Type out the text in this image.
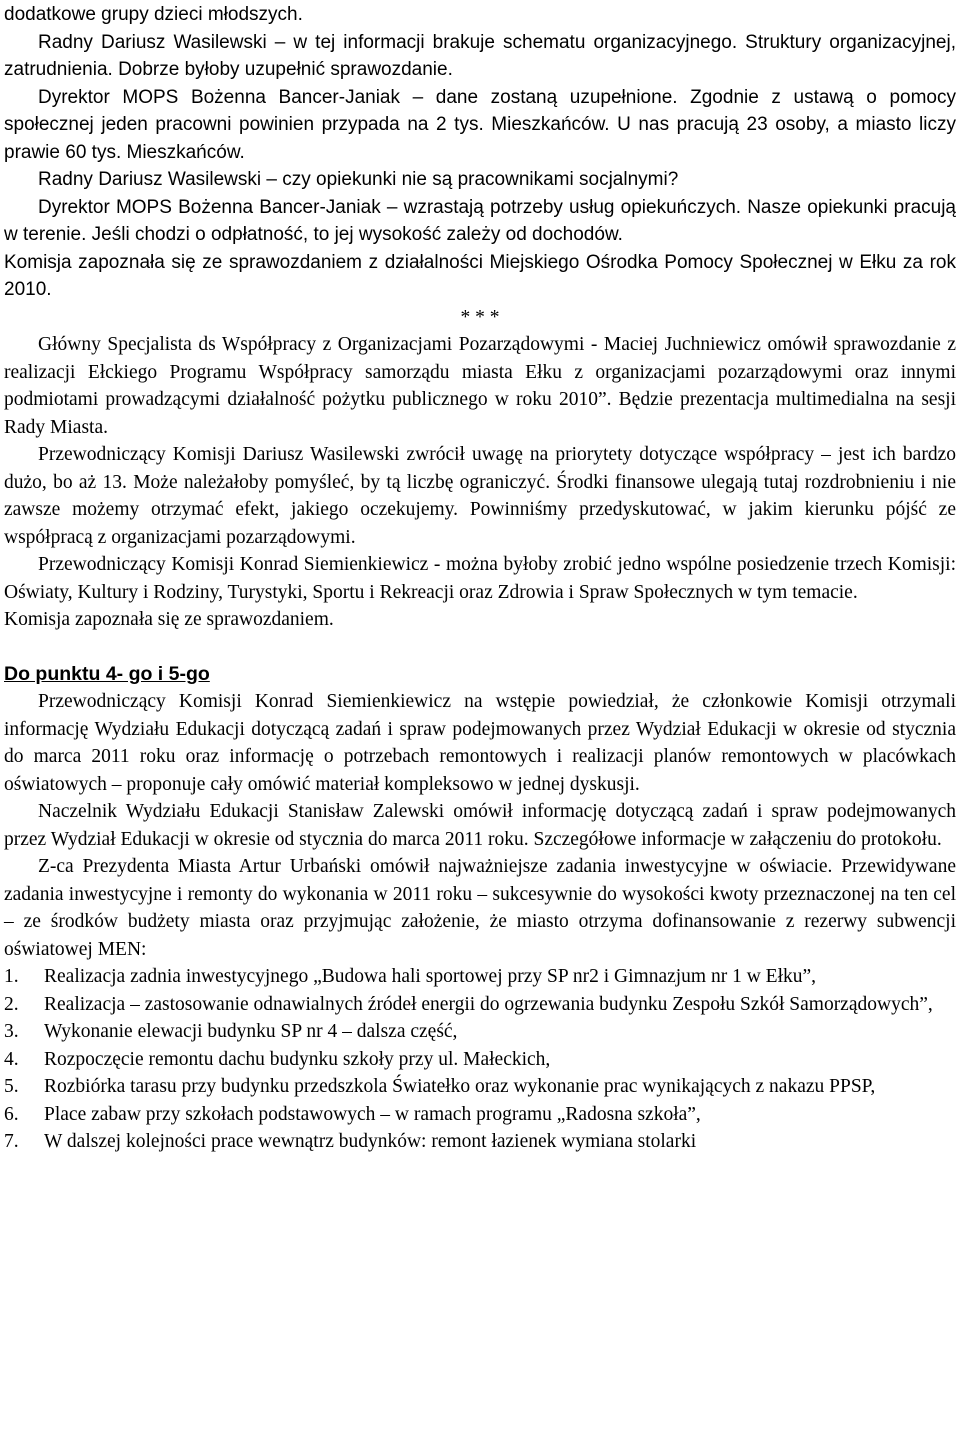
dodatkowe grupy dzieci młodszych.

Radny Dariusz Wasilewski – w tej informacji brakuje schematu organizacyjnego. Struktury organizacyjnej, zatrudnienia. Dobrze byłoby uzupełnić sprawozdanie.

Dyrektor MOPS Bożenna Bancer-Janiak – dane zostaną uzupełnione. Zgodnie z ustawą o pomocy społecznej jeden pracowni powinien przypada na 2 tys. Mieszkańców. U nas pracują 23 osoby, a miasto liczy prawie 60 tys. Mieszkańców.

Radny Dariusz Wasilewski – czy opiekunki nie są pracownikami socjalnymi?

Dyrektor MOPS Bożenna Bancer-Janiak – wzrastają potrzeby usług opiekuńczych. Nasze opiekunki pracują w terenie. Jeśli chodzi o odpłatność, to jej wysokość zależy od dochodów.

Komisja zapoznała się ze sprawozdaniem z działalności Miejskiego Ośrodka Pomocy Społecznej w Ełku za rok 2010.

* * *

Główny Specjalista ds Współpracy z Organizacjami Pozarządowymi - Maciej Juchniewicz omówił sprawozdanie z realizacji Ełckiego Programu Współpracy samorządu miasta Ełku z organizacjami pozarządowymi oraz innymi podmiotami prowadzącymi działalność pożytku publicznego w roku 2010”. Będzie prezentacja multimedialna na sesji Rady Miasta.

Przewodniczący Komisji Dariusz Wasilewski zwrócił uwagę na priorytety dotyczące współpracy – jest ich bardzo dużo, bo aż 13. Może należałoby pomyśleć, by tą liczbę ograniczyć. Środki finansowe ulegają tutaj rozdrobnieniu i nie zawsze możemy otrzymać efekt, jakiego oczekujemy. Powinniśmy przedyskutować, w jakim kierunku pójść ze współpracą z organizacjami pozarządowymi.

Przewodniczący Komisji Konrad Siemienkiewicz - można byłoby zrobić jedno wspólne posiedzenie trzech Komisji: Oświaty, Kultury i Rodziny, Turystyki, Sportu i Rekreacji oraz Zdrowia i Spraw Społecznych w tym temacie.

Komisja zapoznała się ze sprawozdaniem.

Do punktu 4- go i 5-go

Przewodniczący Komisji Konrad Siemienkiewicz na wstępie powiedział, że członkowie Komisji otrzymali informację Wydziału Edukacji dotyczącą zadań i spraw podejmowanych przez Wydział Edukacji w okresie od stycznia do marca 2011 roku oraz informację o potrzebach remontowych i realizacji planów remontowych w placówkach oświatowych – proponuje cały omówić materiał kompleksowo w jednej dyskusji.

Naczelnik Wydziału Edukacji Stanisław Zalewski omówił informację dotyczącą zadań i spraw podejmowanych przez Wydział Edukacji w okresie od stycznia do marca 2011 roku. Szczegółowe informacje w załączeniu do protokołu.

Z-ca Prezydenta Miasta Artur Urbański omówił najważniejsze zadania inwestycyjne w oświacie. Przewidywane zadania inwestycyjne i remonty do wykonania w 2011 roku – sukcesywnie do wysokości kwoty przeznaczonej na ten cel – ze środków budżety miasta oraz przyjmując założenie, że miasto otrzyma dofinansowanie z rezerwy subwencji oświatowej MEN:

1.	Realizacja zadnia inwestycyjnego „Budowa hali sportowej przy SP nr2 i Gimnazjum nr 1 w Ełku”,
2.	Realizacja – zastosowanie odnawialnych źródeł energii do ogrzewania budynku Zespołu Szkół Samorządowych”,
3.	Wykonanie elewacji budynku SP nr 4 – dalsza część,
4.	Rozpoczęcie remontu dachu budynku szkoły przy ul. Małeckich,
5.	Rozbiórka tarasu przy budynku przedszkola Światełko oraz wykonanie prac wynikających z nakazu PPSP,
6.	Place zabaw przy szkołach podstawowych – w ramach programu „Radosna szkoła”,
7.	W dalszej kolejności prace wewnątrz budynków: remont łazienek wymiana stolarki
